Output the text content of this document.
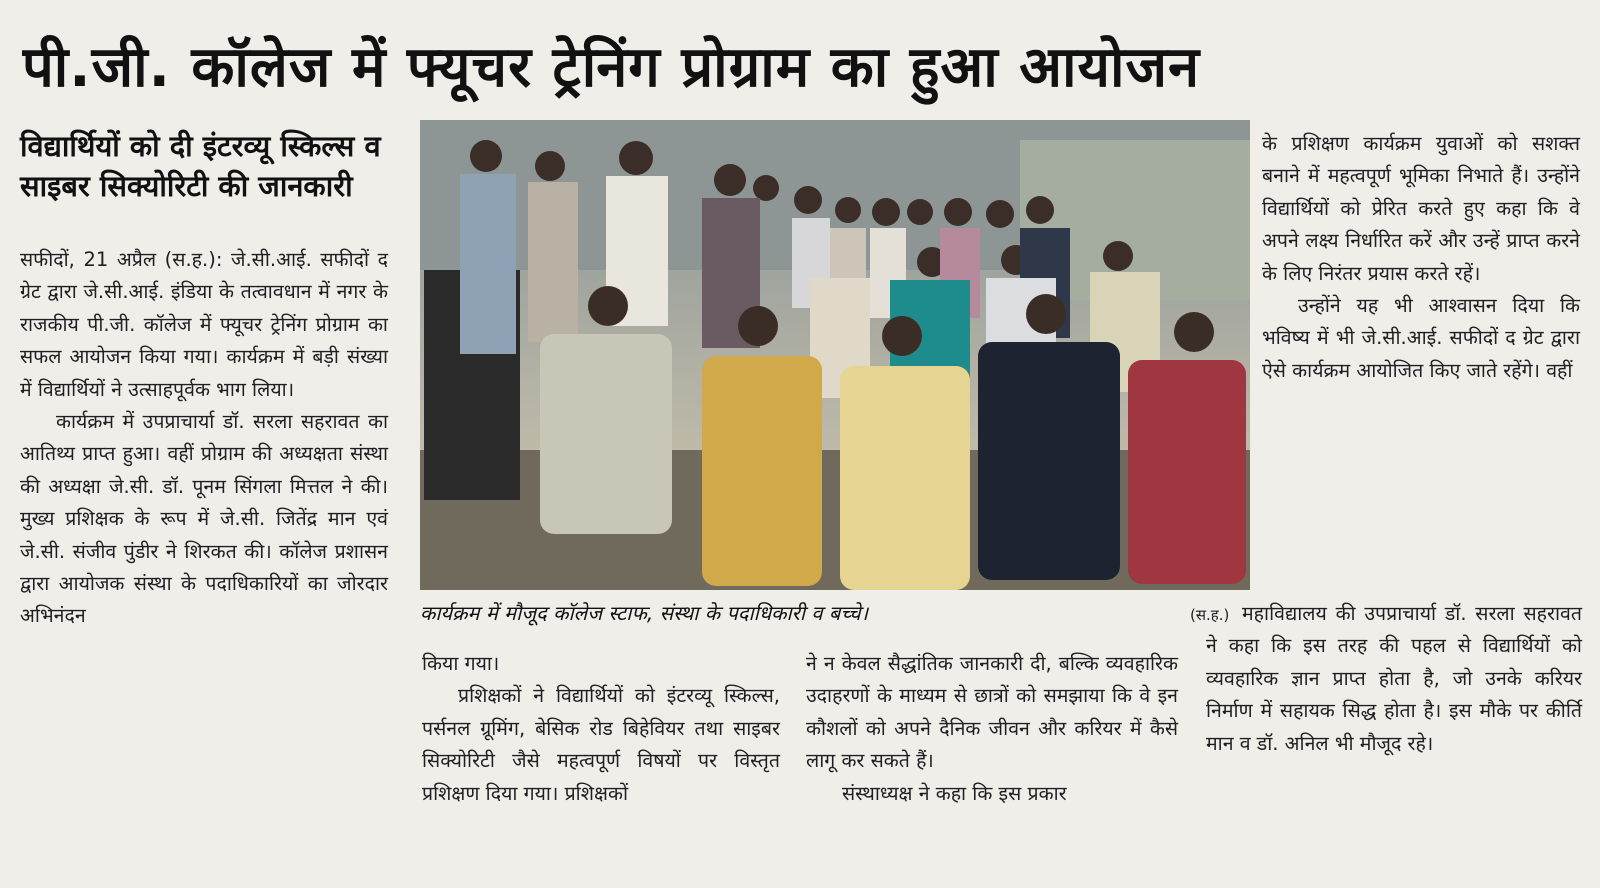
पी.जी. कॉलेज में फ्यूचर ट्रेनिंग प्रोग्राम का हुआ आयोजन
विद्यार्थियों को दी इंटरव्यू स्किल्स व साइबर सिक्योरिटी की जानकारी

सफीदों, 21 अप्रैल (स.ह.): जे.सी.आई. सफीदों द ग्रेट द्वारा जे.सी.आई. इंडिया के तत्वावधान में नगर के राजकीय पी.जी. कॉलेज में फ्यूचर ट्रेनिंग प्रोग्राम का सफल आयोजन किया गया। कार्यक्रम में बड़ी संख्या में विद्यार्थियों ने उत्साहपूर्वक भाग लिया।

कार्यक्रम में उपप्राचार्या डॉ. सरला सहरावत का आतिथ्य प्राप्त हुआ। वहीं प्रोग्राम की अध्यक्षता संस्था की अध्यक्षा जे.सी. डॉ. पूनम सिंगला मित्तल ने की। मुख्य प्रशिक्षक के रूप में जे.सी. जितेंद्र मान एवं जे.सी. संजीव पुंडीर ने शिरकत की। कॉलेज प्रशासन द्वारा आयोजक संस्था के पदाधिकारियों का जोरदार अभिनंदन	कार्यक्रम में मौजूद कॉलेज स्टाफ, संस्था के पदाधिकारी व बच्चे।

किया गया।

प्रशिक्षकों ने विद्यार्थियों को इंटरव्यू स्किल्स, पर्सनल ग्रूमिंग, बेसिक रोड बिहेवियर तथा साइबर सिक्योरिटी जैसे महत्वपूर्ण विषयों पर विस्तृत प्रशिक्षण दिया गया। प्रशिक्षकों

ने न केवल सैद्धांतिक जानकारी दी, बल्कि व्यवहारिक उदाहरणों के माध्यम से छात्रों को समझाया कि वे इन कौशलों को अपने दैनिक जीवन और करियर में कैसे लागू कर सकते हैं।

संस्थाध्यक्ष ने कहा कि इस प्रकार

के प्रशिक्षण कार्यक्रम युवाओं को सशक्त बनाने में महत्वपूर्ण भूमिका निभाते हैं। उन्होंने विद्यार्थियों को प्रेरित करते हुए कहा कि वे अपने लक्ष्य निर्धारित करें और उन्हें प्राप्त करने के लिए निरंतर प्रयास करते रहें।

उन्होंने यह भी आश्वासन दिया कि भविष्य में भी जे.सी.आई. सफीदों द ग्रेट द्वारा ऐसे कार्यक्रम आयोजित किए जाते रहेंगे। वहीं

(स.ह.) महाविद्यालय की उपप्राचार्या डॉ. सरला सहरावत ने कहा कि इस तरह की पहल से विद्यार्थियों को व्यवहारिक ज्ञान प्राप्त होता है, जो उनके करियर निर्माण में सहायक सिद्ध होता है। इस मौके पर कीर्ति मान व डॉ. अनिल भी मौजूद रहे।
